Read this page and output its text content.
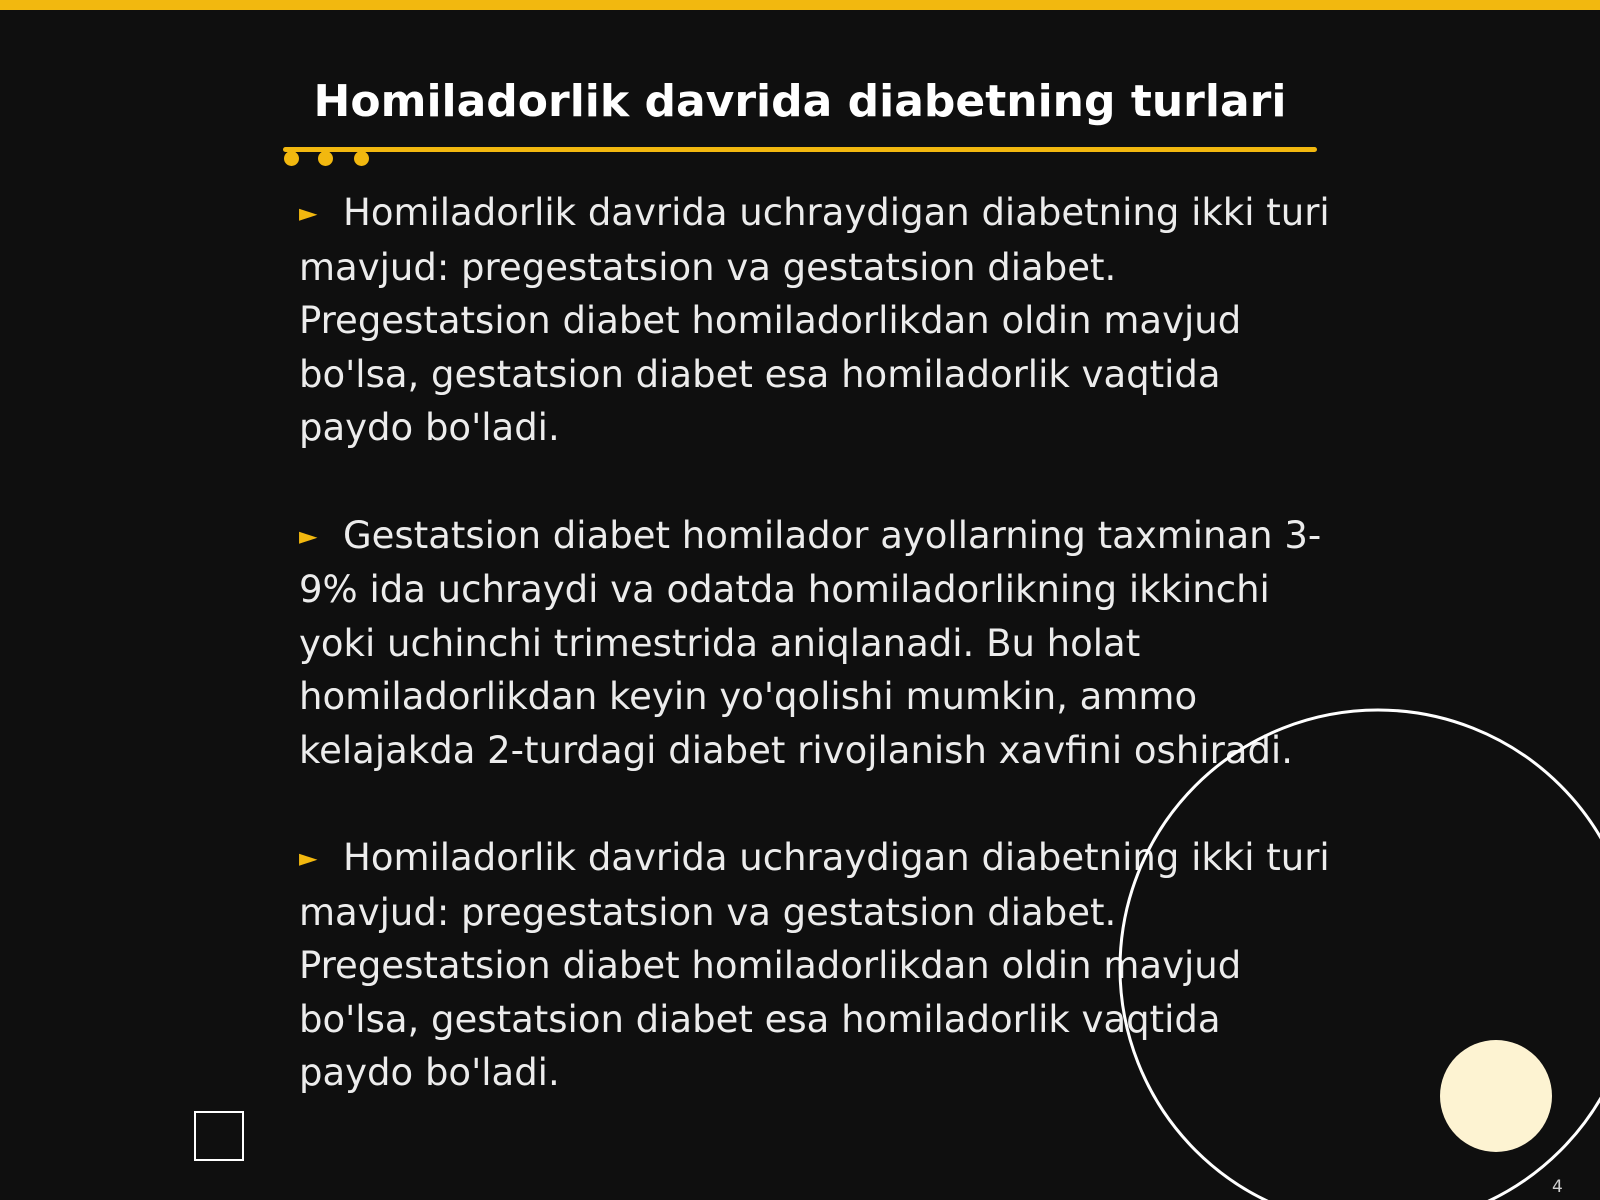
Homiladorlik davrida diabetning turlari

► Homiladorlik davrida uchraydigan diabetning ikki turi
mavjud: pregestatsion va gestatsion diabet.
Pregestatsion diabet homiladorlikdan oldin mavjud
bo'lsa, gestatsion diabet esa homiladorlik vaqtida
paydo bo'ladi.

► Gestatsion diabet homilador ayollarning taxminan 3-
9% ida uchraydi va odatda homiladorlikning ikkinchi
yoki uchinchi trimestrida aniqlanadi. Bu holat
homiladorlikdan keyin yo'qolishi mumkin, ammo
kelajakda 2-turdagi diabet rivojlanish xavfini oshiradi.

► Homiladorlik davrida uchraydigan diabetning ikki turi
mavjud: pregestatsion va gestatsion diabet.
Pregestatsion diabet homiladorlikdan oldin mavjud
bo'lsa, gestatsion diabet esa homiladorlik vaqtida
paydo bo'ladi.

4
